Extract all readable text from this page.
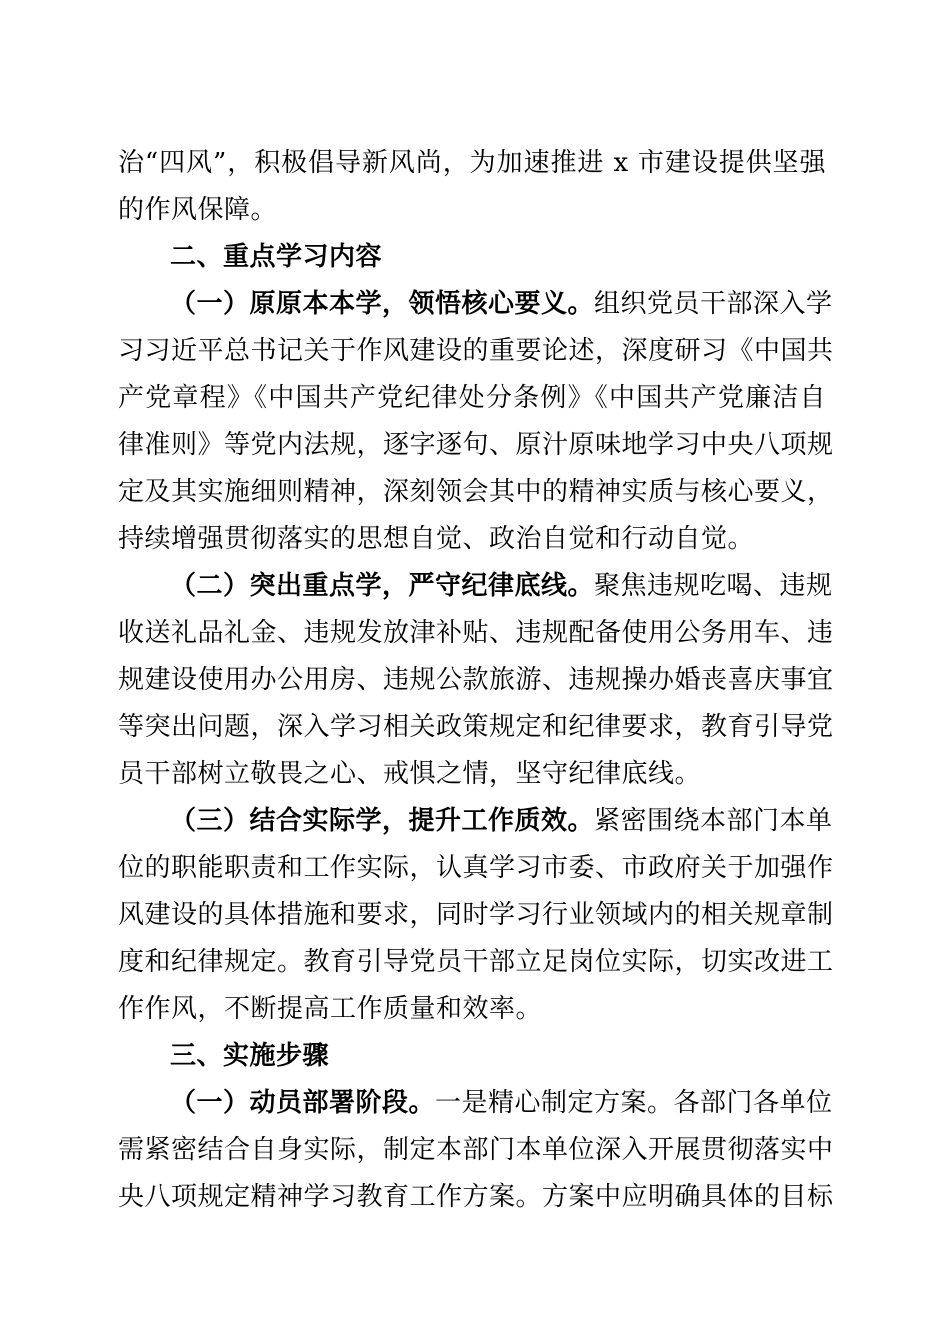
治“四风”，积极倡导新风尚，为加速推进 x 市建设提供坚强
的作风保障。
二、重点学习内容
（一）原原本本学，领悟核心要义。组织党员干部深入学
习习近平总书记关于作风建设的重要论述，深度研习《中国共
产党章程》《中国共产党纪律处分条例》《中国共产党廉洁自
律准则》等党内法规，逐字逐句、原汁原味地学习中央八项规
定及其实施细则精神，深刻领会其中的精神实质与核心要义，
持续增强贯彻落实的思想自觉、政治自觉和行动自觉。
（二）突出重点学，严守纪律底线。聚焦违规吃喝、违规
收送礼品礼金、违规发放津补贴、违规配备使用公务用车、违
规建设使用办公用房、违规公款旅游、违规操办婚丧喜庆事宜
等突出问题，深入学习相关政策规定和纪律要求，教育引导党
员干部树立敬畏之心、戒惧之情，坚守纪律底线。
（三）结合实际学，提升工作质效。紧密围绕本部门本单
位的职能职责和工作实际，认真学习市委、市政府关于加强作
风建设的具体措施和要求，同时学习行业领域内的相关规章制
度和纪律规定。教育引导党员干部立足岗位实际，切实改进工
作作风，不断提高工作质量和效率。
三、实施步骤
（一）动员部署阶段。一是精心制定方案。各部门各单位
需紧密结合自身实际，制定本部门本单位深入开展贯彻落实中
央八项规定精神学习教育工作方案。方案中应明确具体的目标
